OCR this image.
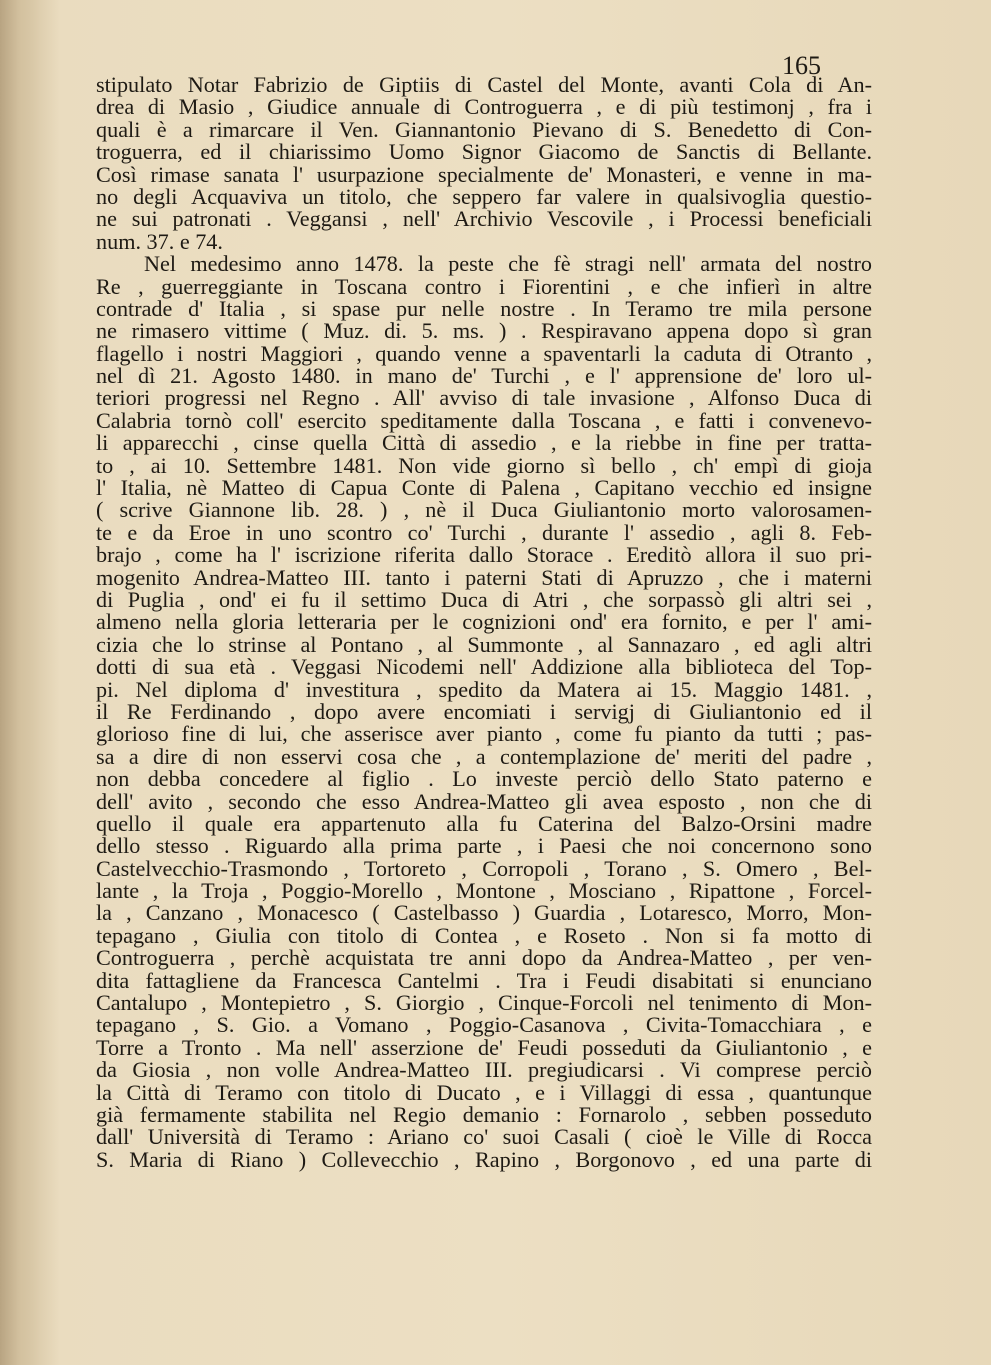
165
stipulato Notar Fabrizio de Giptiis di Castel del Monte, avanti Cola di An-
drea di Masio , Giudice annuale di Controguerra , e di più testimonj , fra i
quali è a rimarcare il Ven. Giannantonio Pievano di S. Benedetto di Con-
troguerra, ed il chiarissimo Uomo Signor Giacomo de Sanctis di Bellante.
Così rimase sanata l' usurpazione specialmente de' Monasteri, e venne in ma-
no degli Acquaviva un titolo, che seppero far valere in qualsivoglia questio-
ne sui patronati . Veggansi , nell' Archivio Vescovile , i Processi beneficiali
num. 37. e 74.
Nel medesimo anno 1478. la peste che fè stragi nell' armata del nostro
Re , guerreggiante in Toscana contro i Fiorentini , e che infierì in altre
contrade d' Italia , si spase pur nelle nostre . In Teramo tre mila persone
ne rimasero vittime ( Muz. di. 5. ms. ) . Respiravano appena dopo sì gran
flagello i nostri Maggiori , quando venne a spaventarli la caduta di Otranto ,
nel dì 21. Agosto 1480. in mano de' Turchi , e l' apprensione de' loro ul-
teriori progressi nel Regno . All' avviso di tale invasione , Alfonso Duca di
Calabria tornò coll' esercito speditamente dalla Toscana , e fatti i convenevo-
li apparecchi , cinse quella Città di assedio , e la riebbe in fine per tratta-
to , ai 10. Settembre 1481. Non vide giorno sì bello , ch' empì di gioja
l' Italia, nè Matteo di Capua Conte di Palena , Capitano vecchio ed insigne
( scrive Giannone lib. 28. ) , nè il Duca Giuliantonio morto valorosamen-
te e da Eroe in uno scontro co' Turchi , durante l' assedio , agli 8. Feb-
brajo , come ha l' iscrizione riferita dallo Storace . Ereditò allora il suo pri-
mogenito Andrea-Matteo III. tanto i paterni Stati di Apruzzo , che i materni
di Puglia , ond' ei fu il settimo Duca di Atri , che sorpassò gli altri sei ,
almeno nella gloria letteraria per le cognizioni ond' era fornito, e per l' ami-
cizia che lo strinse al Pontano , al Summonte , al Sannazaro , ed agli altri
dotti di sua età . Veggasi Nicodemi nell' Addizione alla biblioteca del Top-
pi. Nel diploma d' investitura , spedito da Matera ai 15. Maggio 1481. ,
il Re Ferdinando , dopo avere encomiati i servigj di Giuliantonio ed il
glorioso fine di lui, che asserisce aver pianto , come fu pianto da tutti ; pas-
sa a dire di non esservi cosa che , a contemplazione de' meriti del padre ,
non debba concedere al figlio . Lo investe perciò dello Stato paterno e
dell' avito , secondo che esso Andrea-Matteo gli avea esposto , non che di
quello il quale era appartenuto alla fu Caterina del Balzo-Orsini madre
dello stesso . Riguardo alla prima parte , i Paesi che noi concernono sono
Castelvecchio-Trasmondo , Tortoreto , Corropoli , Torano , S. Omero , Bel-
lante , la Troja , Poggio-Morello , Montone , Mosciano , Ripattone , Forcel-
la , Canzano , Monacesco ( Castelbasso ) Guardia , Lotaresco, Morro, Mon-
tepagano , Giulia con titolo di Contea , e Roseto . Non si fa motto di
Controguerra , perchè acquistata tre anni dopo da Andrea-Matteo , per ven-
dita fattagliene da Francesca Cantelmi . Tra i Feudi disabitati si enunciano
Cantalupo , Montepietro , S. Giorgio , Cinque-Forcoli nel tenimento di Mon-
tepagano , S. Gio. a Vomano , Poggio-Casanova , Civita-Tomacchiara , e
Torre a Tronto . Ma nell' asserzione de' Feudi posseduti da Giuliantonio , e
da Giosia , non volle Andrea-Matteo III. pregiudicarsi . Vi comprese perciò
la Città di Teramo con titolo di Ducato , e i Villaggi di essa , quantunque
già fermamente stabilita nel Regio demanio : Fornarolo , sebben posseduto
dall' Università di Teramo : Ariano co' suoi Casali ( cioè le Ville di Rocca
S. Maria di Riano ) Collevecchio , Rapino , Borgonovo , ed una parte di
